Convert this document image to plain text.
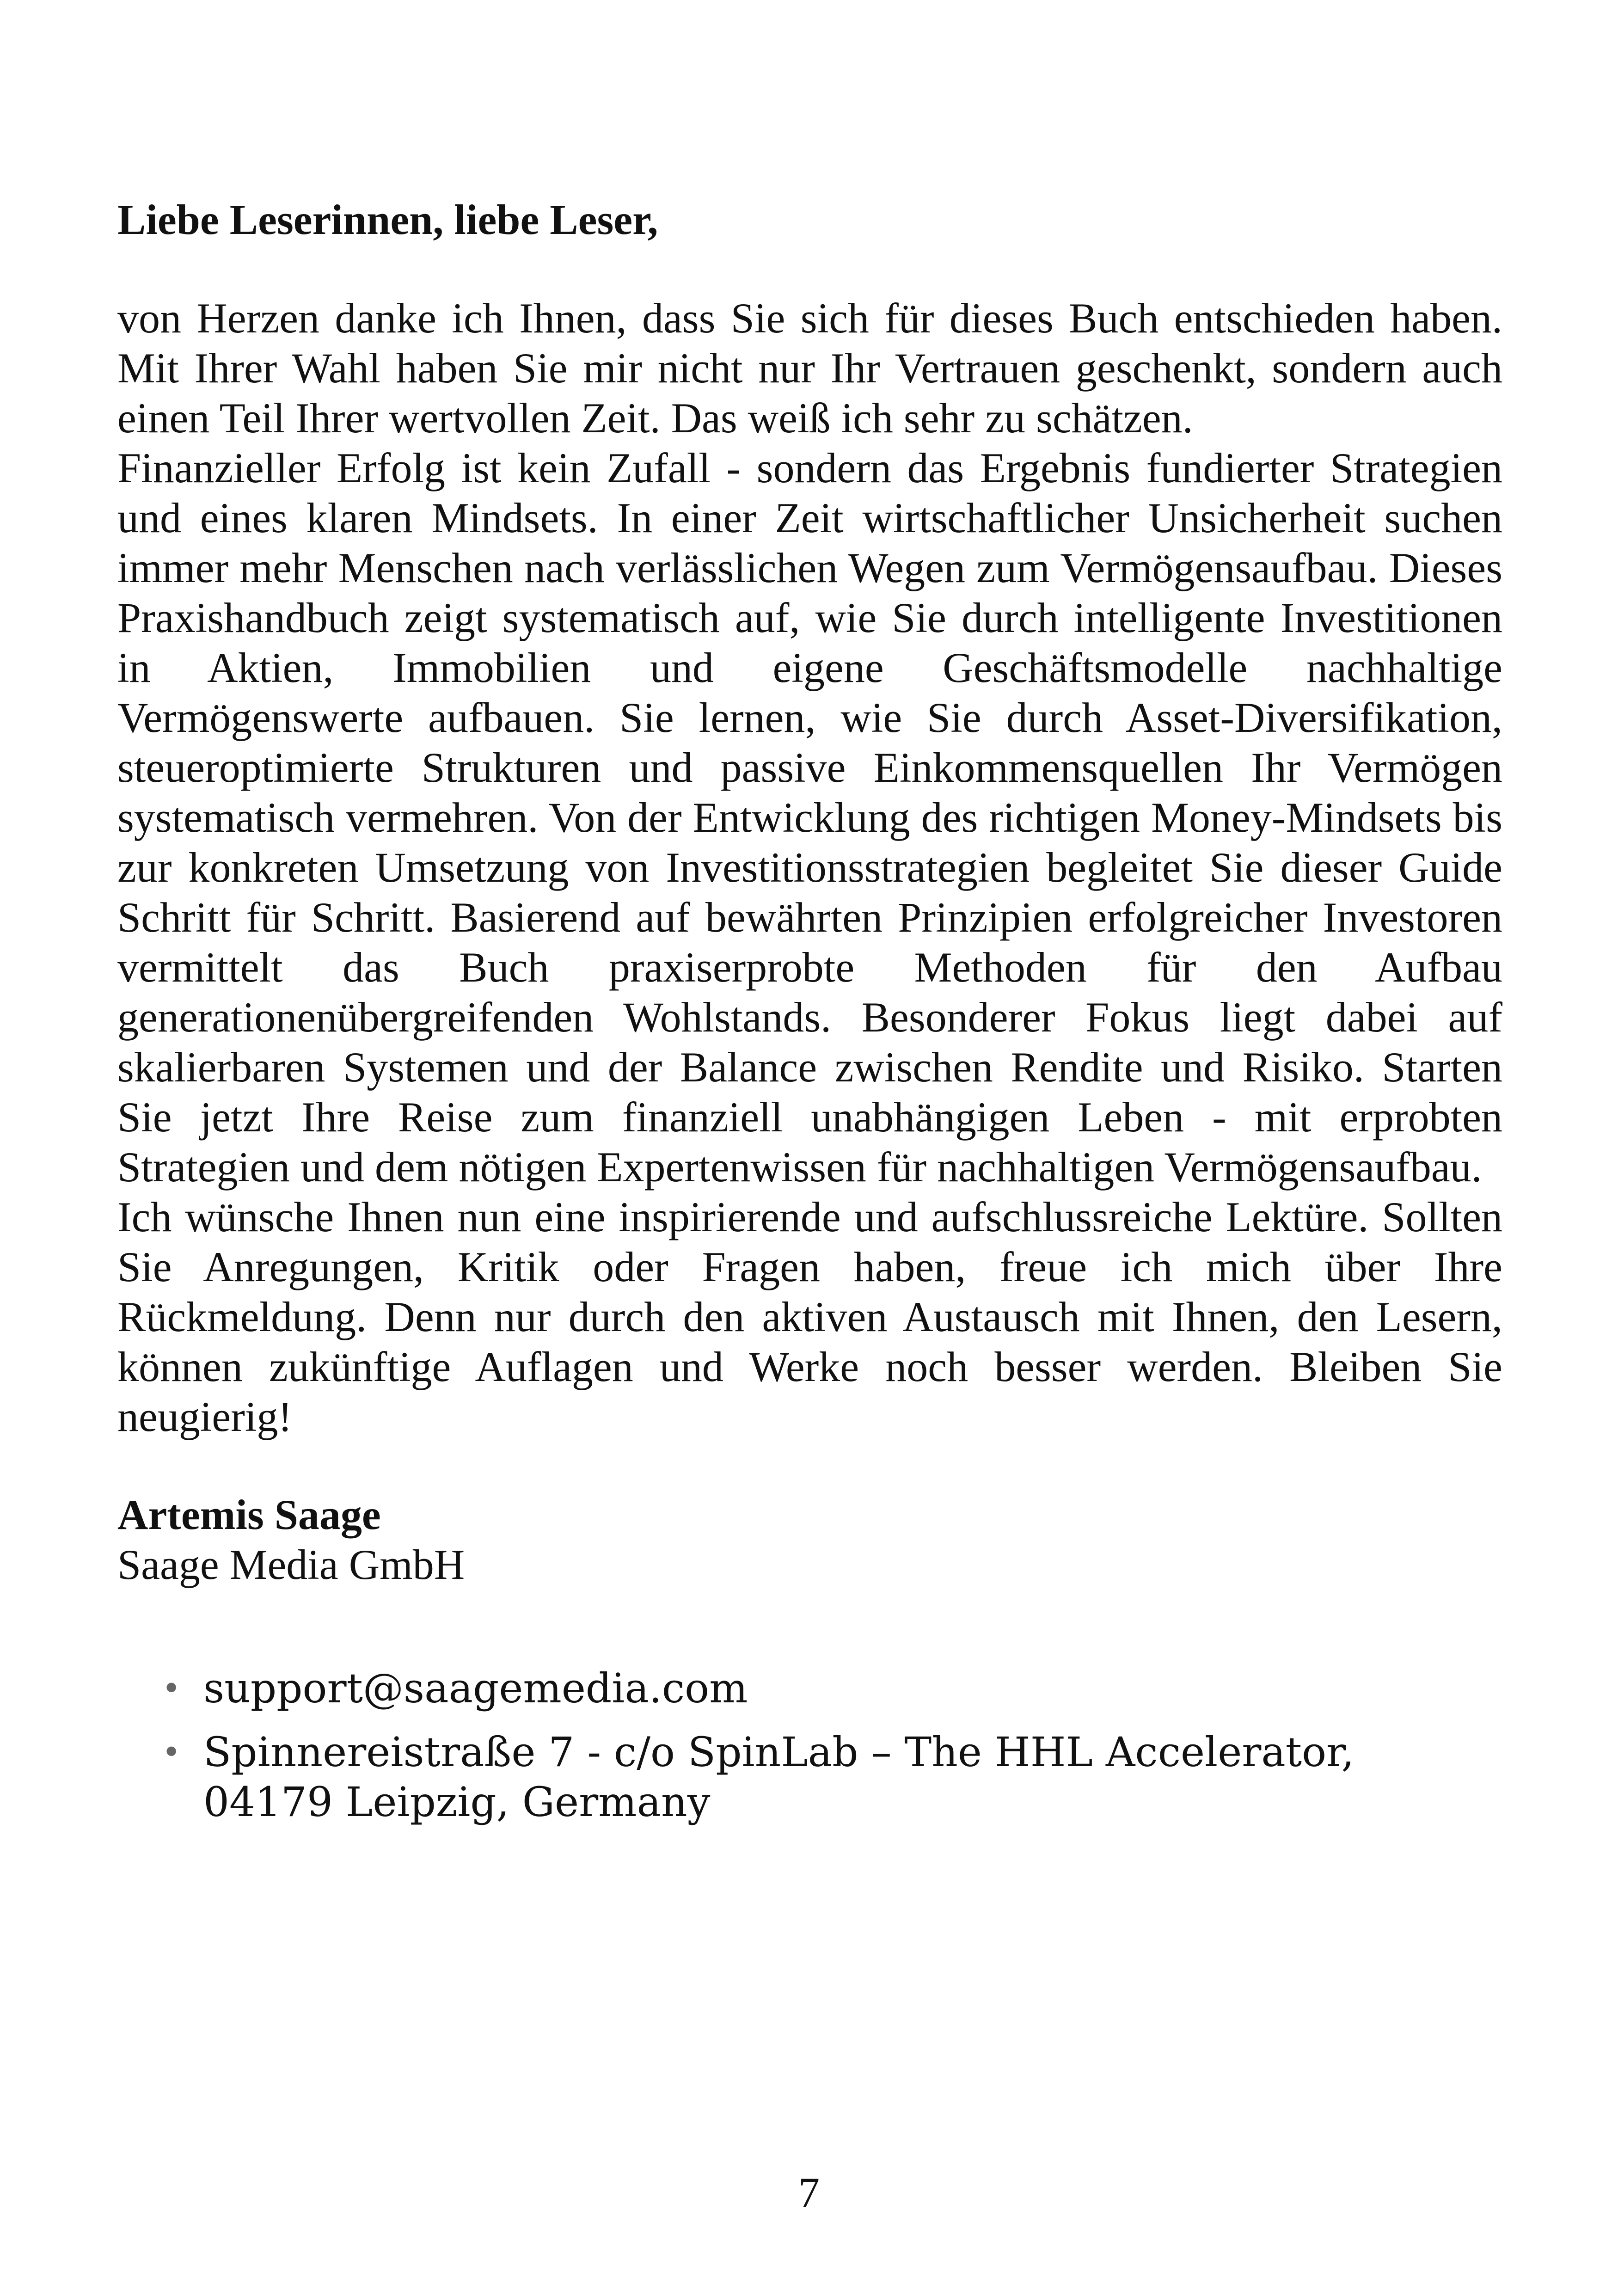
Liebe Leserinnen, liebe Leser,

von Herzen danke ich Ihnen, dass Sie sich für dieses Buch entschieden haben. Mit Ihrer Wahl haben Sie mir nicht nur Ihr Vertrauen geschenkt, sondern auch einen Teil Ihrer wertvollen Zeit. Das weiß ich sehr zu schätzen.

Finanzieller Erfolg ist kein Zufall - sondern das Ergebnis fundierter Strategien und eines klaren Mindsets. In einer Zeit wirtschaftlicher Unsicherheit suchen immer mehr Menschen nach verlässlichen Wegen zum Vermögensaufbau. Dieses Praxishandbuch zeigt systematisch auf, wie Sie durch intelligente Investitionen in Aktien, Immobilien und eigene Geschäftsmodelle nachhaltige Vermögenswerte aufbauen. Sie lernen, wie Sie durch Asset-Diversifikation, steueroptimierte Strukturen und passive Einkommensquellen Ihr Vermögen systematisch vermehren. Von der Entwicklung des richtigen Money-Mindsets bis zur konkreten Umsetzung von Investitionsstrategien begleitet Sie dieser Guide Schritt für Schritt. Basierend auf bewährten Prinzipien erfolgreicher Investoren vermittelt das Buch praxiserprobte Methoden für den Aufbau generationenübergreifenden Wohlstands. Besonderer Fokus liegt dabei auf skalierbaren Systemen und der Balance zwischen Rendite und Risiko. Starten Sie jetzt Ihre Reise zum finanziell unabhängigen Leben - mit erprobten Strategien und dem nötigen Expertenwissen für nachhaltigen Vermögensaufbau.

Ich wünsche Ihnen nun eine inspirierende und aufschlussreiche Lektüre. Sollten Sie Anregungen, Kritik oder Fragen haben, freue ich mich über Ihre Rückmeldung. Denn nur durch den aktiven Austausch mit Ihnen, den Lesern, können zukünftige Auflagen und Werke noch besser werden. Bleiben Sie neugierig!

Artemis Saage

Saage Media GmbH

• support@saagemedia.com
• Spinnereistraße 7 - c/o SpinLab – The HHL Accelerator, 04179 Leipzig, Germany
7
